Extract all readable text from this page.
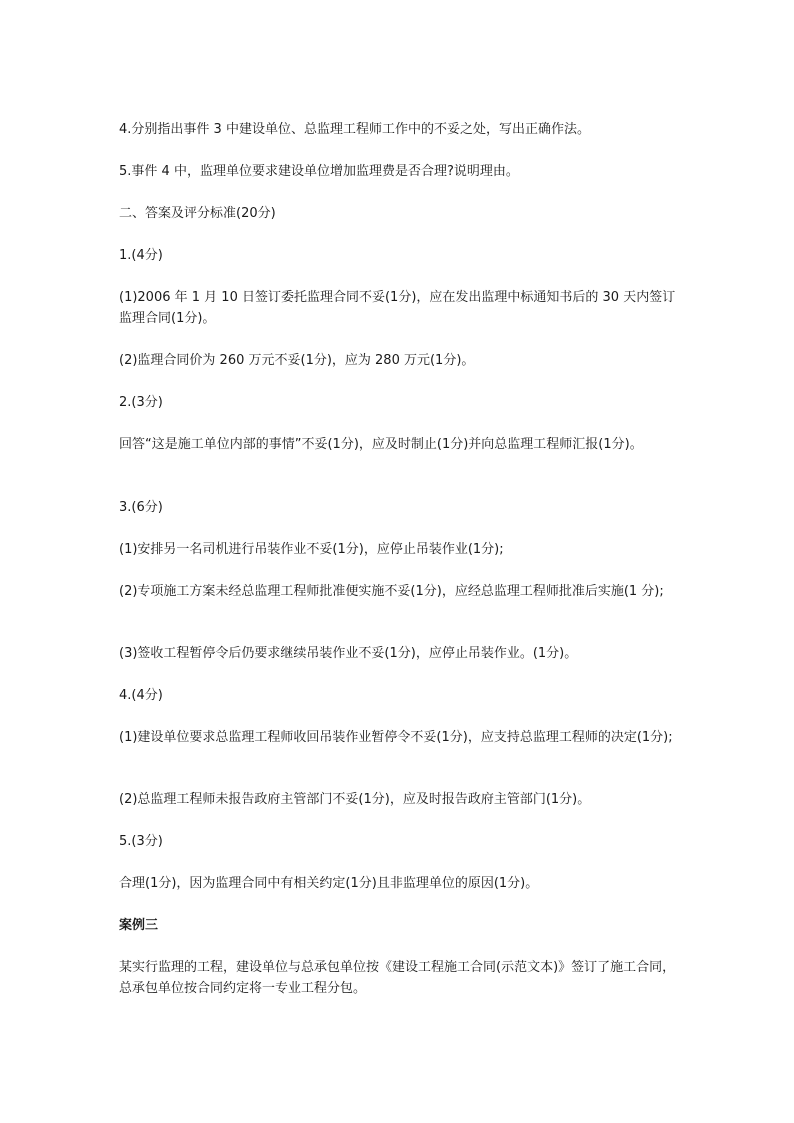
4.分别指出事件 3 中建设单位、总监理工程师工作中的不妥之处，写出正确作法。
5.事件 4 中，监理单位要求建设单位增加监理费是否合理?说明理由。
二、答案及评分标准(20分)
1.(4分)
(1)2006 年 1 月 10 日签订委托监理合同不妥(1分)，应在发出监理中标通知书后的 30 天内签订监理合同(1分)。
(2)监理合同价为 260 万元不妥(1分)，应为 280 万元(1分)。
2.(3分)
回答“这是施工单位内部的事情”不妥(1分)，应及时制止(1分)并向总监理工程师汇报(1分)。
3.(6分)
(1)安排另一名司机进行吊装作业不妥(1分)，应停止吊装作业(1分);
(2)专项施工方案未经总监理工程师批准便实施不妥(1分)，应经总监理工程师批准后实施(1 分);
(3)签收工程暂停令后仍要求继续吊装作业不妥(1分)，应停止吊装作业。(1分)。
4.(4分)
(1)建设单位要求总监理工程师收回吊装作业暂停令不妥(1分)，应支持总监理工程师的决定(1分);
(2)总监理工程师未报告政府主管部门不妥(1分)，应及时报告政府主管部门(1分)。
5.(3分)
合理(1分)，因为监理合同中有相关约定(1分)且非监理单位的原因(1分)。
案例三
某实行监理的工程，建设单位与总承包单位按《建设工程施工合同(示范文本)》签订了施工合同，总承包单位按合同约定将一专业工程分包。
